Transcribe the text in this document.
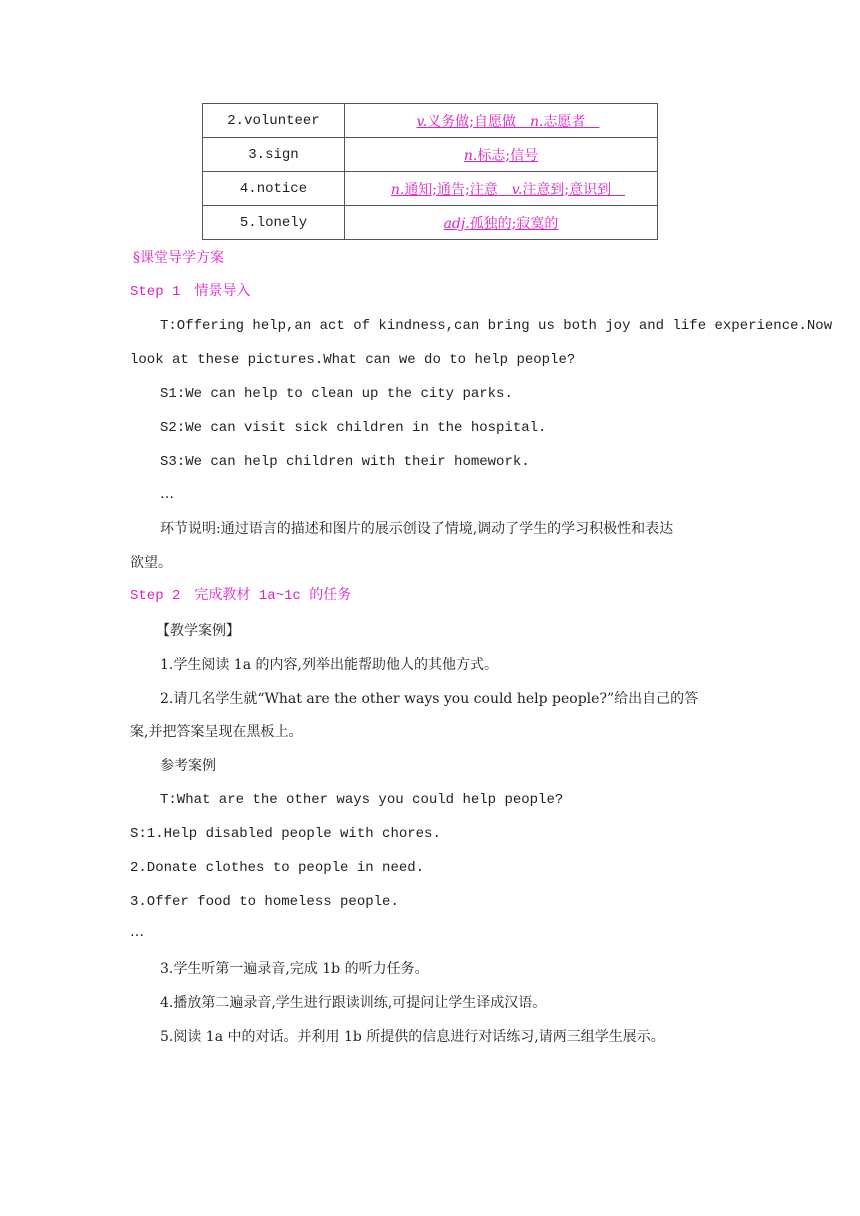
2.volunteer	v.义务做;自愿做　n.志愿者　
3.sign	n.标志;信号
4.notice	n.通知;通告;注意　v.注意到;意识到　
5.lonely	adj.孤独的;寂寞的
§课堂导学方案
Step 1　情景导入
T:Offering help,an act of kindness,can bring us both joy and life experience.Now
look at these pictures.What can we do to help people?
S1:We can help to clean up the city parks.
S2:We can visit sick children in the hospital.
S3:We can help children with their homework.
…
环节说明:通过语言的描述和图片的展示创设了情境,调动了学生的学习积极性和表达
欲望。
Step 2　完成教材 1a~1c 的任务
【教学案例】
1.学生阅读 1a 的内容,列举出能帮助他人的其他方式。
2.请几名学生就“What are the other ways you could help people?”给出自己的答
案,并把答案呈现在黑板上。
参考案例
T:What are the other ways you could help people?
S:1.Help disabled people with chores.
2.Donate clothes to people in need.
3.Offer food to homeless people.
…
3.学生听第一遍录音,完成 1b 的听力任务。
4.播放第二遍录音,学生进行跟读训练,可提问让学生译成汉语。
5.阅读 1a 中的对话。并利用 1b 所提供的信息进行对话练习,请两三组学生展示。
